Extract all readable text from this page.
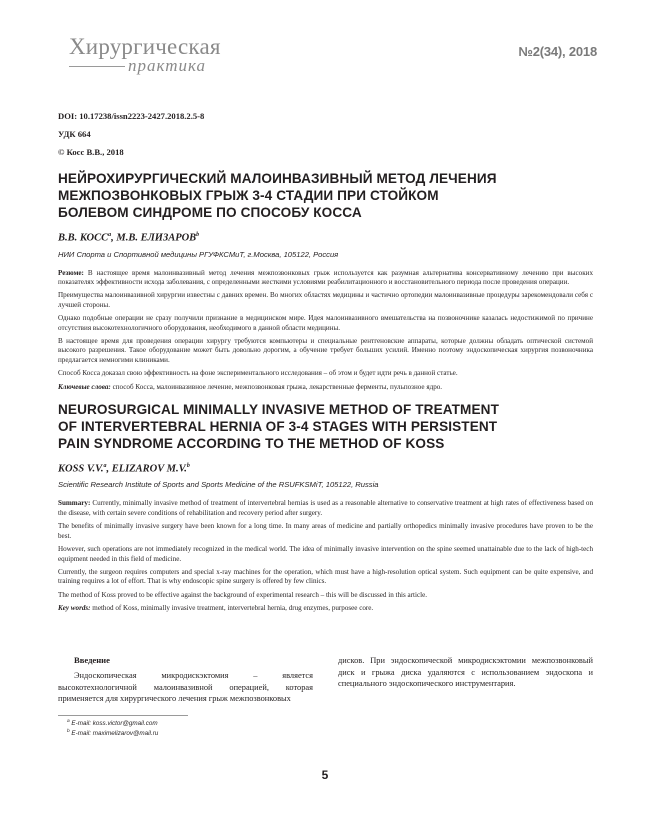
Хирургическая
практика
№2(34), 2018
DOI: 10.17238/issn2223-2427.2018.2.5-8
УДК 664
© Косс В.В., 2018
НЕЙРОХИРУРГИЧЕСКИЙ МАЛОИНВАЗИВНЫЙ МЕТОД ЛЕЧЕНИЯ
МЕЖПОЗВОНКОВЫХ ГРЫЖ 3-4 СТАДИИ ПРИ СТОЙКОМ
БОЛЕВОМ СИНДРОМЕ ПО СПОСОБУ КОССА
В.В. КОСС$^a$, М.В. ЕЛИЗАРОВ$^b$
НИИ Спорта и Спортивной медицины РГУФКСМиТ, г.Москва, 105122, Россия

Резюме: В настоящее время малоинвазивный метод лечения межпозвонковых грыж используется как разумная альтернатива консервативному лечению при высоких показателях эффективности исхода заболевания, с определенными жесткими условиями реабилитационного и восстановительного периода после проведения операции.

Преимущества малоинвазивной хирургии известны с давних времен. Во многих областях медицины и частично ортопедии малоинвазивные процедуры зарекомендовали себя с лучшей стороны.

Однако подобные операции не сразу получили признание в медицинском мире. Идея малоинвазивного вмешательства на позвоночнике казалась недостижимой по причине отсутствия высокотехнологичного оборудования, необходимого в данной области медицины.

В настоящее время для проведения операции хирургу требуются компьютеры и специальные рентгеновские аппараты, которые должны обладать оптической системой высокого разрешения. Такое оборудование может быть довольно дорогим, а обучение требует больших усилий. Именно поэтому эндоскопическая хирургия позвоночника предлагается немногими клиниками.

Способ Косса доказал свою эффективность на фоне экспериментального исследования – об этом и будет идти речь в данной статье.

Ключевые слова: способ Косса, малоинвазивное лечение, межпозвонковая грыжа, лекарственные ферменты, пульпозное ядро.

NEUROSURGICAL MINIMALLY INVASIVE METHOD OF TREATMENT
OF INTERVERTEBRAL HERNIA OF 3-4 STAGES WITH PERSISTENT
PAIN SYNDROME ACCORDING TO THE METHOD OF KOSS
KOSS V.V.$^a$, ELIZAROV M.V.$^b$
Scientific Research Institute of Sports and Sports Medicine of the RSUFKSMiT, 105122, Russia

Summary: Currently, minimally invasive method of treatment of intervertebral hernias is used as a reasonable alternative to conservative treatment at high rates of effectiveness based on the disease, with certain severe conditions of rehabilitation and recovery period after surgery.

The benefits of minimally invasive surgery have been known for a long time. In many areas of medicine and partially orthopedics minimally invasive procedures have proven to be the best.

However, such operations are not immediately recognized in the medical world. The idea of minimally invasive intervention on the spine seemed unattainable due to the lack of high-tech equipment needed in this field of medicine.

Currently, the surgeon requires computers and special x-ray machines for the operation, which must have a high-resolution optical system. Such equipment can be quite expensive, and training requires a lot of effort. That is why endoscopic spine surgery is offered by few clinics.

The method of Koss proved to be effective against the background of experimental research – this will be discussed in this article.

Key words: method of Koss, minimally invasive treatment, intervertebral hernia, drug enzymes, purposee core.

Введение

Эндоскопическая микродискэктомия – является высокотехнологичной малоинвазивной операцией, которая применяется для хирургического лечения грыж межпозвонковых

дисков. При эндоскопической микродискэктомии межпозвонковый диск и грыжа диска удаляются с использованием эндоскопа и специального эндоскопического инструментария.

$^a$ E-mail: koss.victor@gmail.com
$^b$ E-mail: maximelizarov@mail.ru
5
